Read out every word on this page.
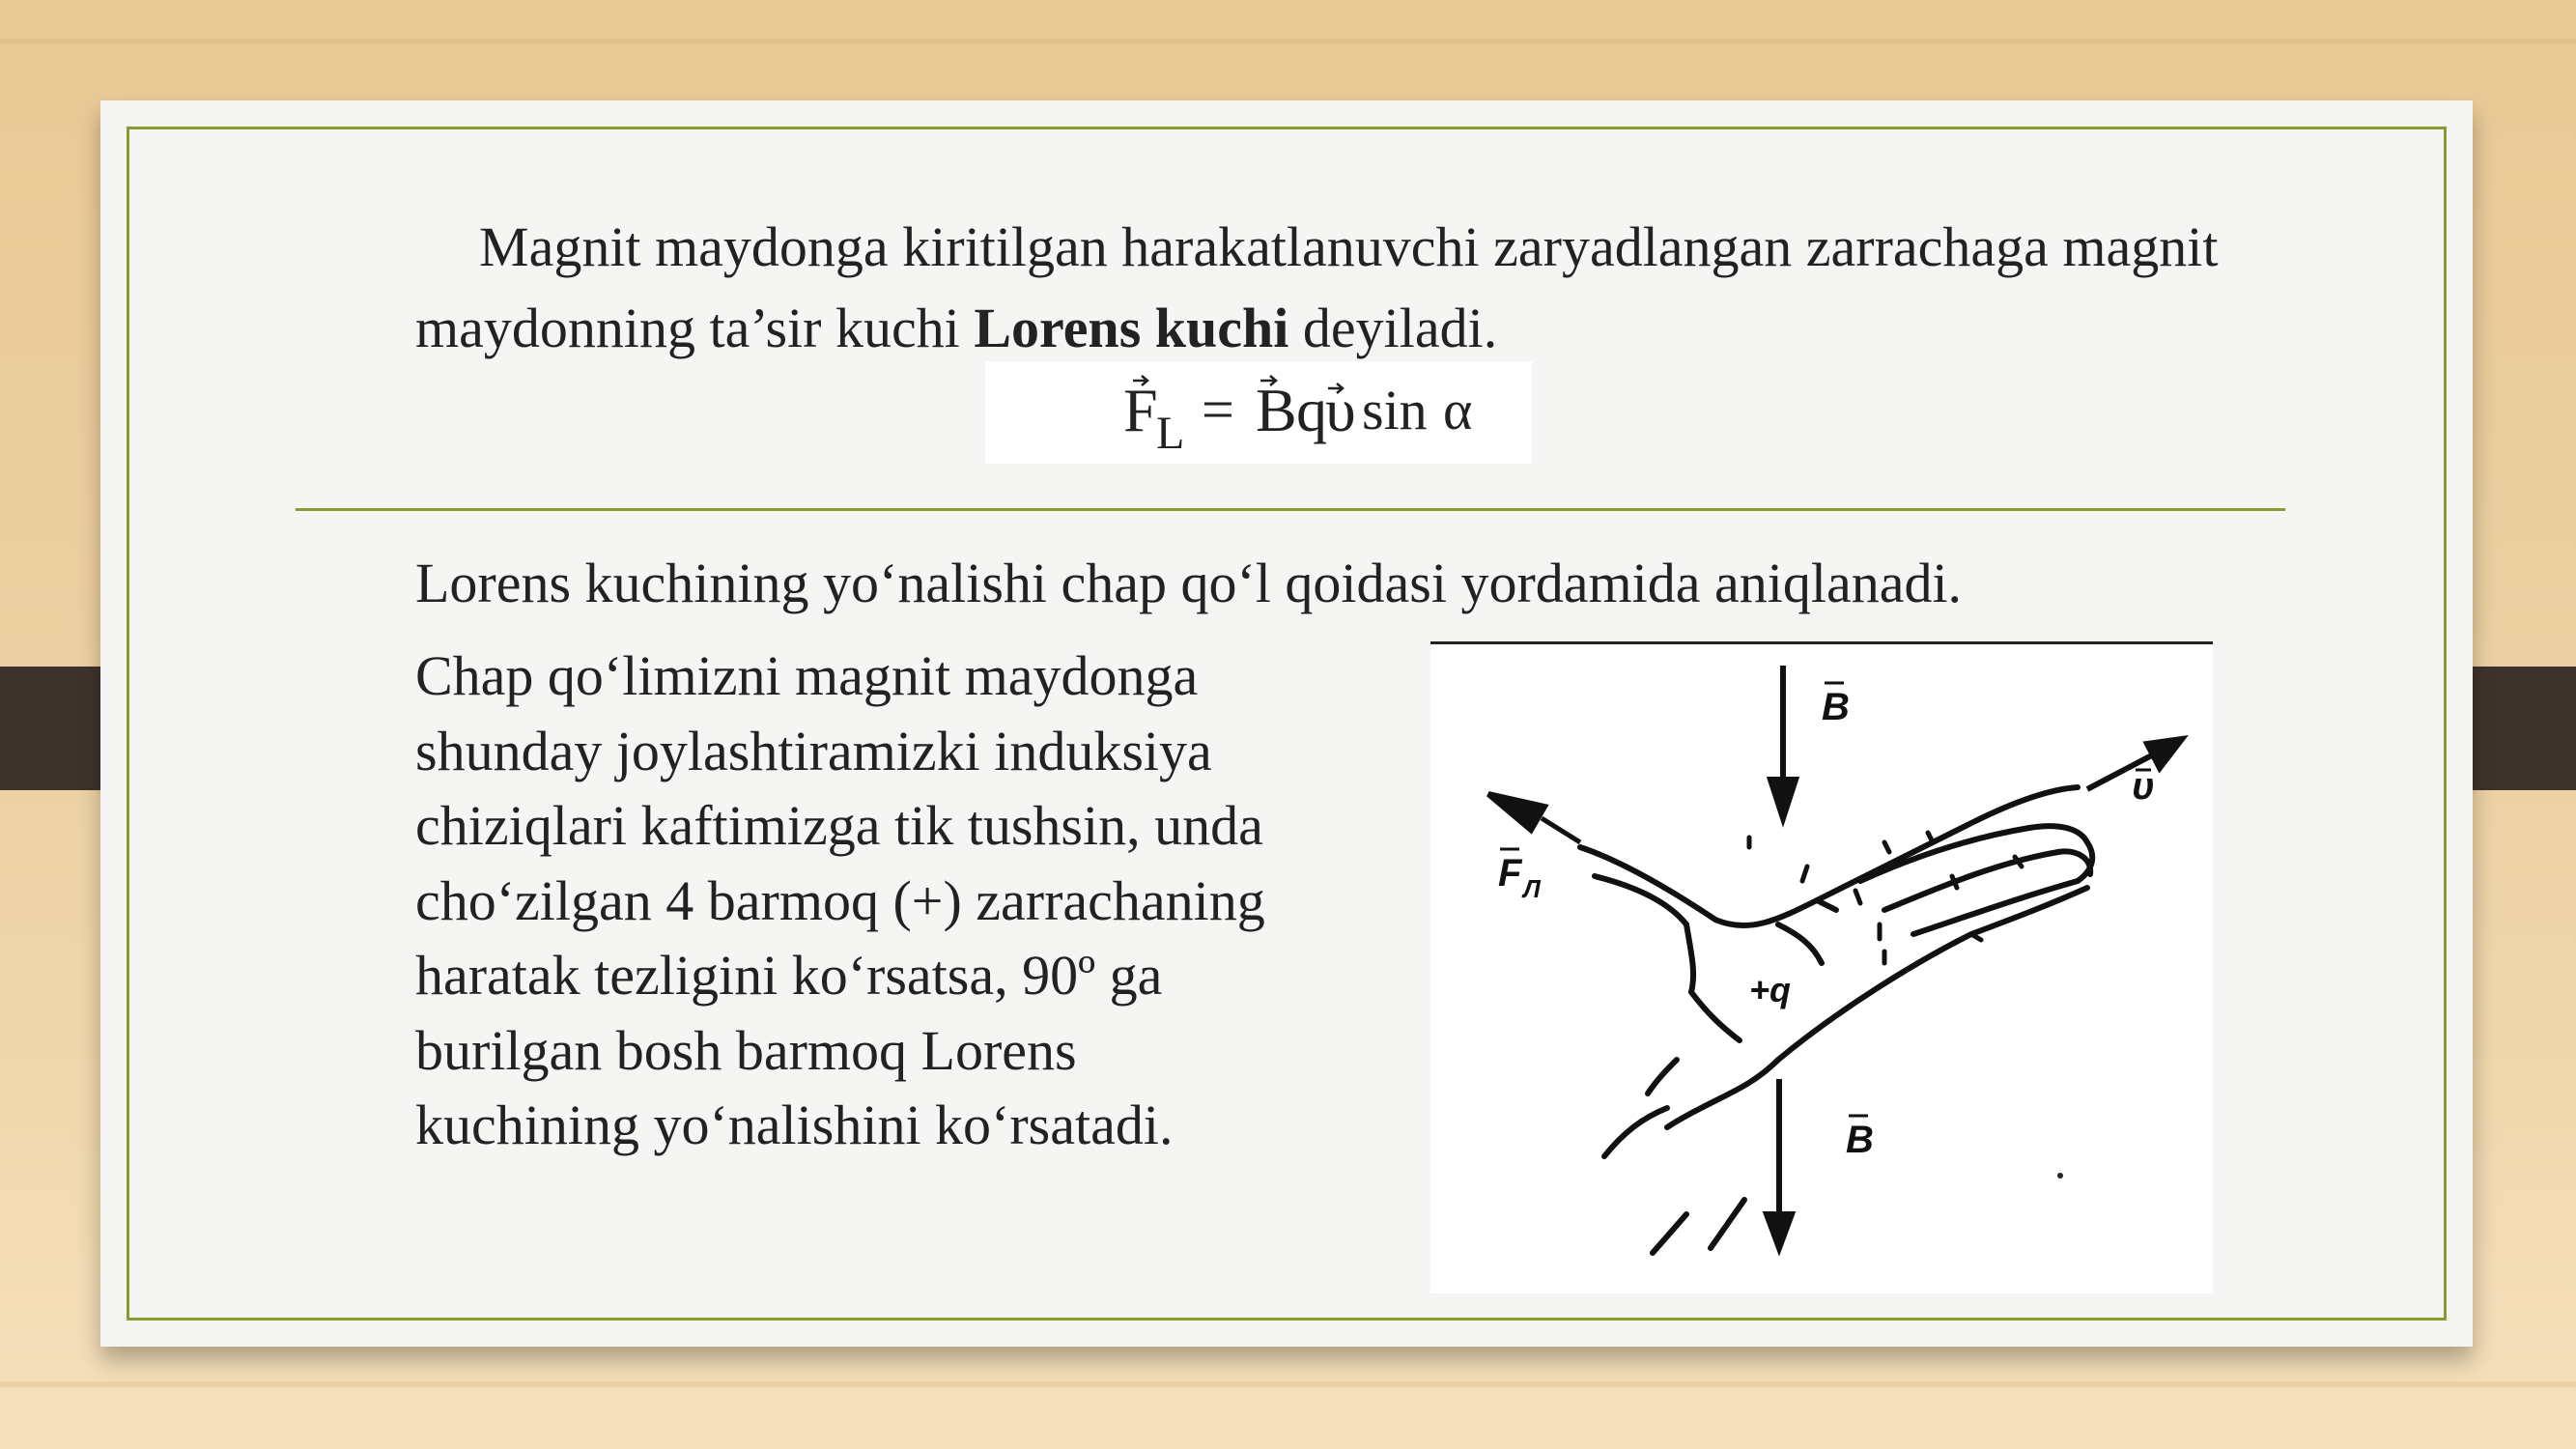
Magnit maydonga kiritilgan harakatlanuvchi zaryadlangan zarrachaga magnit maydonning ta’sir kuchi Lorens kuchi deyiladi.

F
L = B q
υ sin α

Lorens kuchining yo‘nalishi chap qo‘l qoidasi yordamida aniqlanadi.

Chap qo‘limizni magnit maydonga
shunday joylashtiramizki induksiya
chiziqlari kaftimizga tik tushsin, unda
cho‘zilgan 4 barmoq (+) zarrachaning
haratak tezligini ko‘rsatsa, 90º ga
burilgan bosh barmoq Lorens
kuchining yo‘nalishini ko‘rsatadi.
B
B
υ
F Л
+q
